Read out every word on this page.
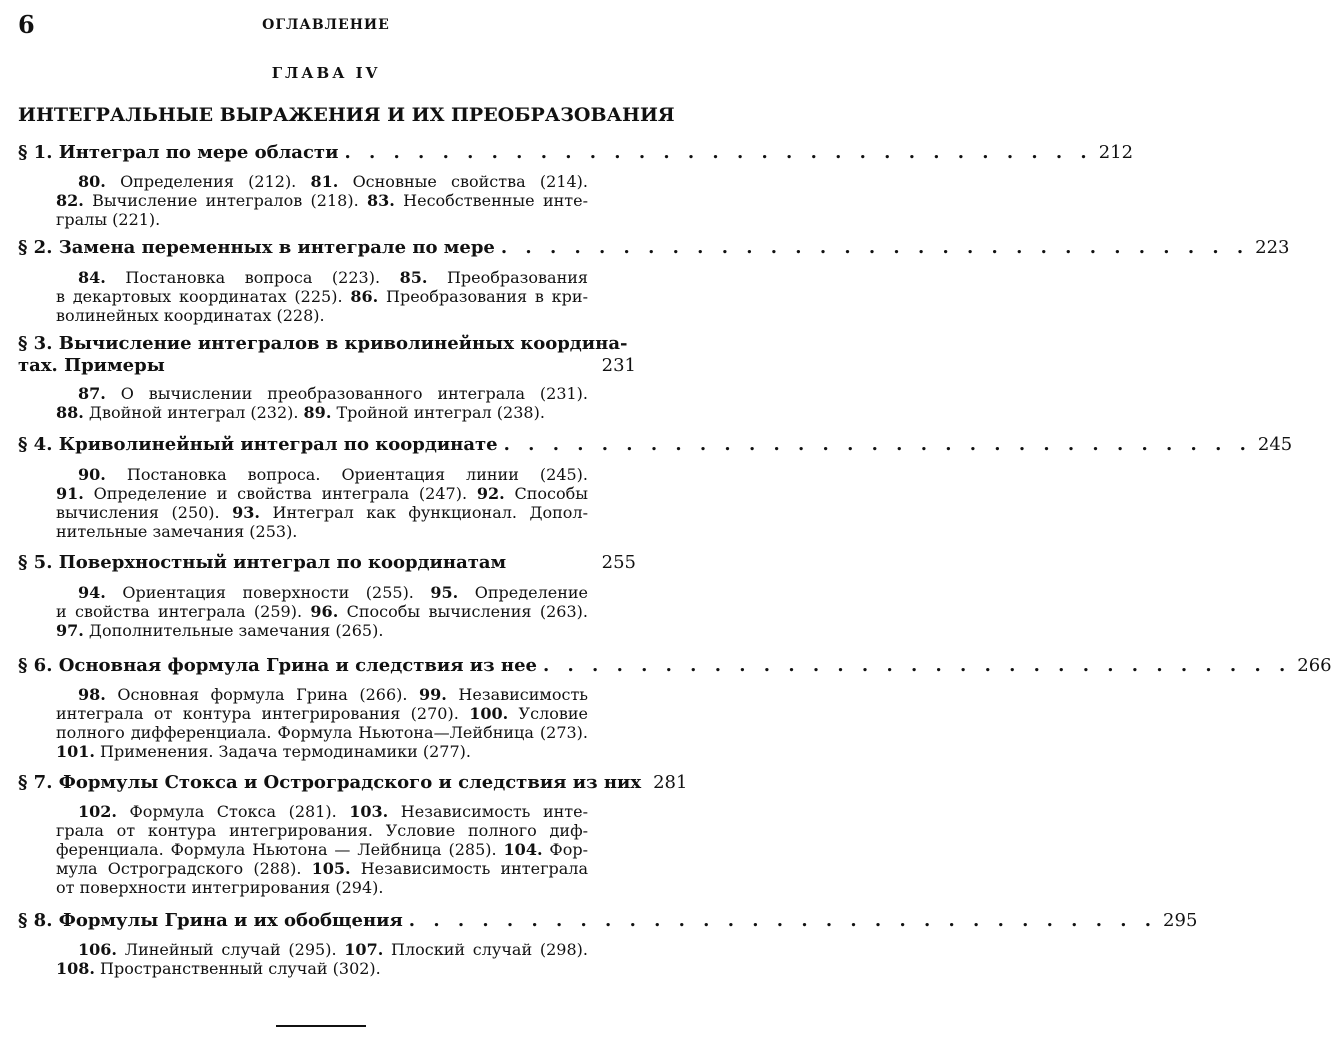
6	ОГЛАВЛЕНИЕ
ГЛАВА IV
ИНТЕГРАЛЬНЫЕ ВЫРАЖЕНИЯ И ИХ ПРЕОБРАЗОВАНИЯ
§ 1. Интеграл по мере области . . . . . . . . . . . . . . . . . . . . . . . . . . . . . . . 212
80. Определения (212). 81. Основные свойства (214).
82. Вычисление интегралов (218). 83. Несобственные инте-
гралы (221).
§ 2. Замена переменных в интеграле по мере . . . . . . . . . . . . . . . . . . . . . . . . . . . . . . . 223
84. Постановка вопроса (223). 85. Преобразования
в декартовых координатах (225). 86. Преобразования в кри-
волинейных координатах (228).
§ 3. Вычисление интегралов в криволинейных координа-
тах. Примеры	231
87. О вычислении преобразованного интеграла (231).
88. Двойной интеграл (232). 89. Тройной интеграл (238).
§ 4. Криволинейный интеграл по координате . . . . . . . . . . . . . . . . . . . . . . . . . . . . . . . 245
90. Постановка вопроса. Ориентация линии (245).
91. Определение и свойства интеграла (247). 92. Способы
вычисления (250). 93. Интеграл как функционал. Допол-
нительные замечания (253).
§ 5. Поверхностный интеграл по координатам	255
94. Ориентация поверхности (255). 95. Определение
и свойства интеграла (259). 96. Способы вычисления (263).
97. Дополнительные замечания (265).
§ 6. Основная формула Грина и следствия из нее . . . . . . . . . . . . . . . . . . . . . . . . . . . . . . . 266
98. Основная формула Грина (266). 99. Независимость
интеграла от контура интегрирования (270). 100. Условие
полного дифференциала. Формула Ньютона—Лейбница (273).
101. Применения. Задача термодинамики (277).
§ 7. Формулы Стокса и Остроградского и следствия из них 281
102. Формула Стокса (281). 103. Независимость инте-
грала от контура интегрирования. Условие полного диф-
ференциала. Формула Ньютона — Лейбница (285). 104. Фор-
мула Остроградского (288). 105. Независимость интеграла
от поверхности интегрирования (294).
§ 8. Формулы Грина и их обобщения . . . . . . . . . . . . . . . . . . . . . . . . . . . . . . . 295
106. Линейный случай (295). 107. Плоский случай (298).
108. Пространственный случай (302).
